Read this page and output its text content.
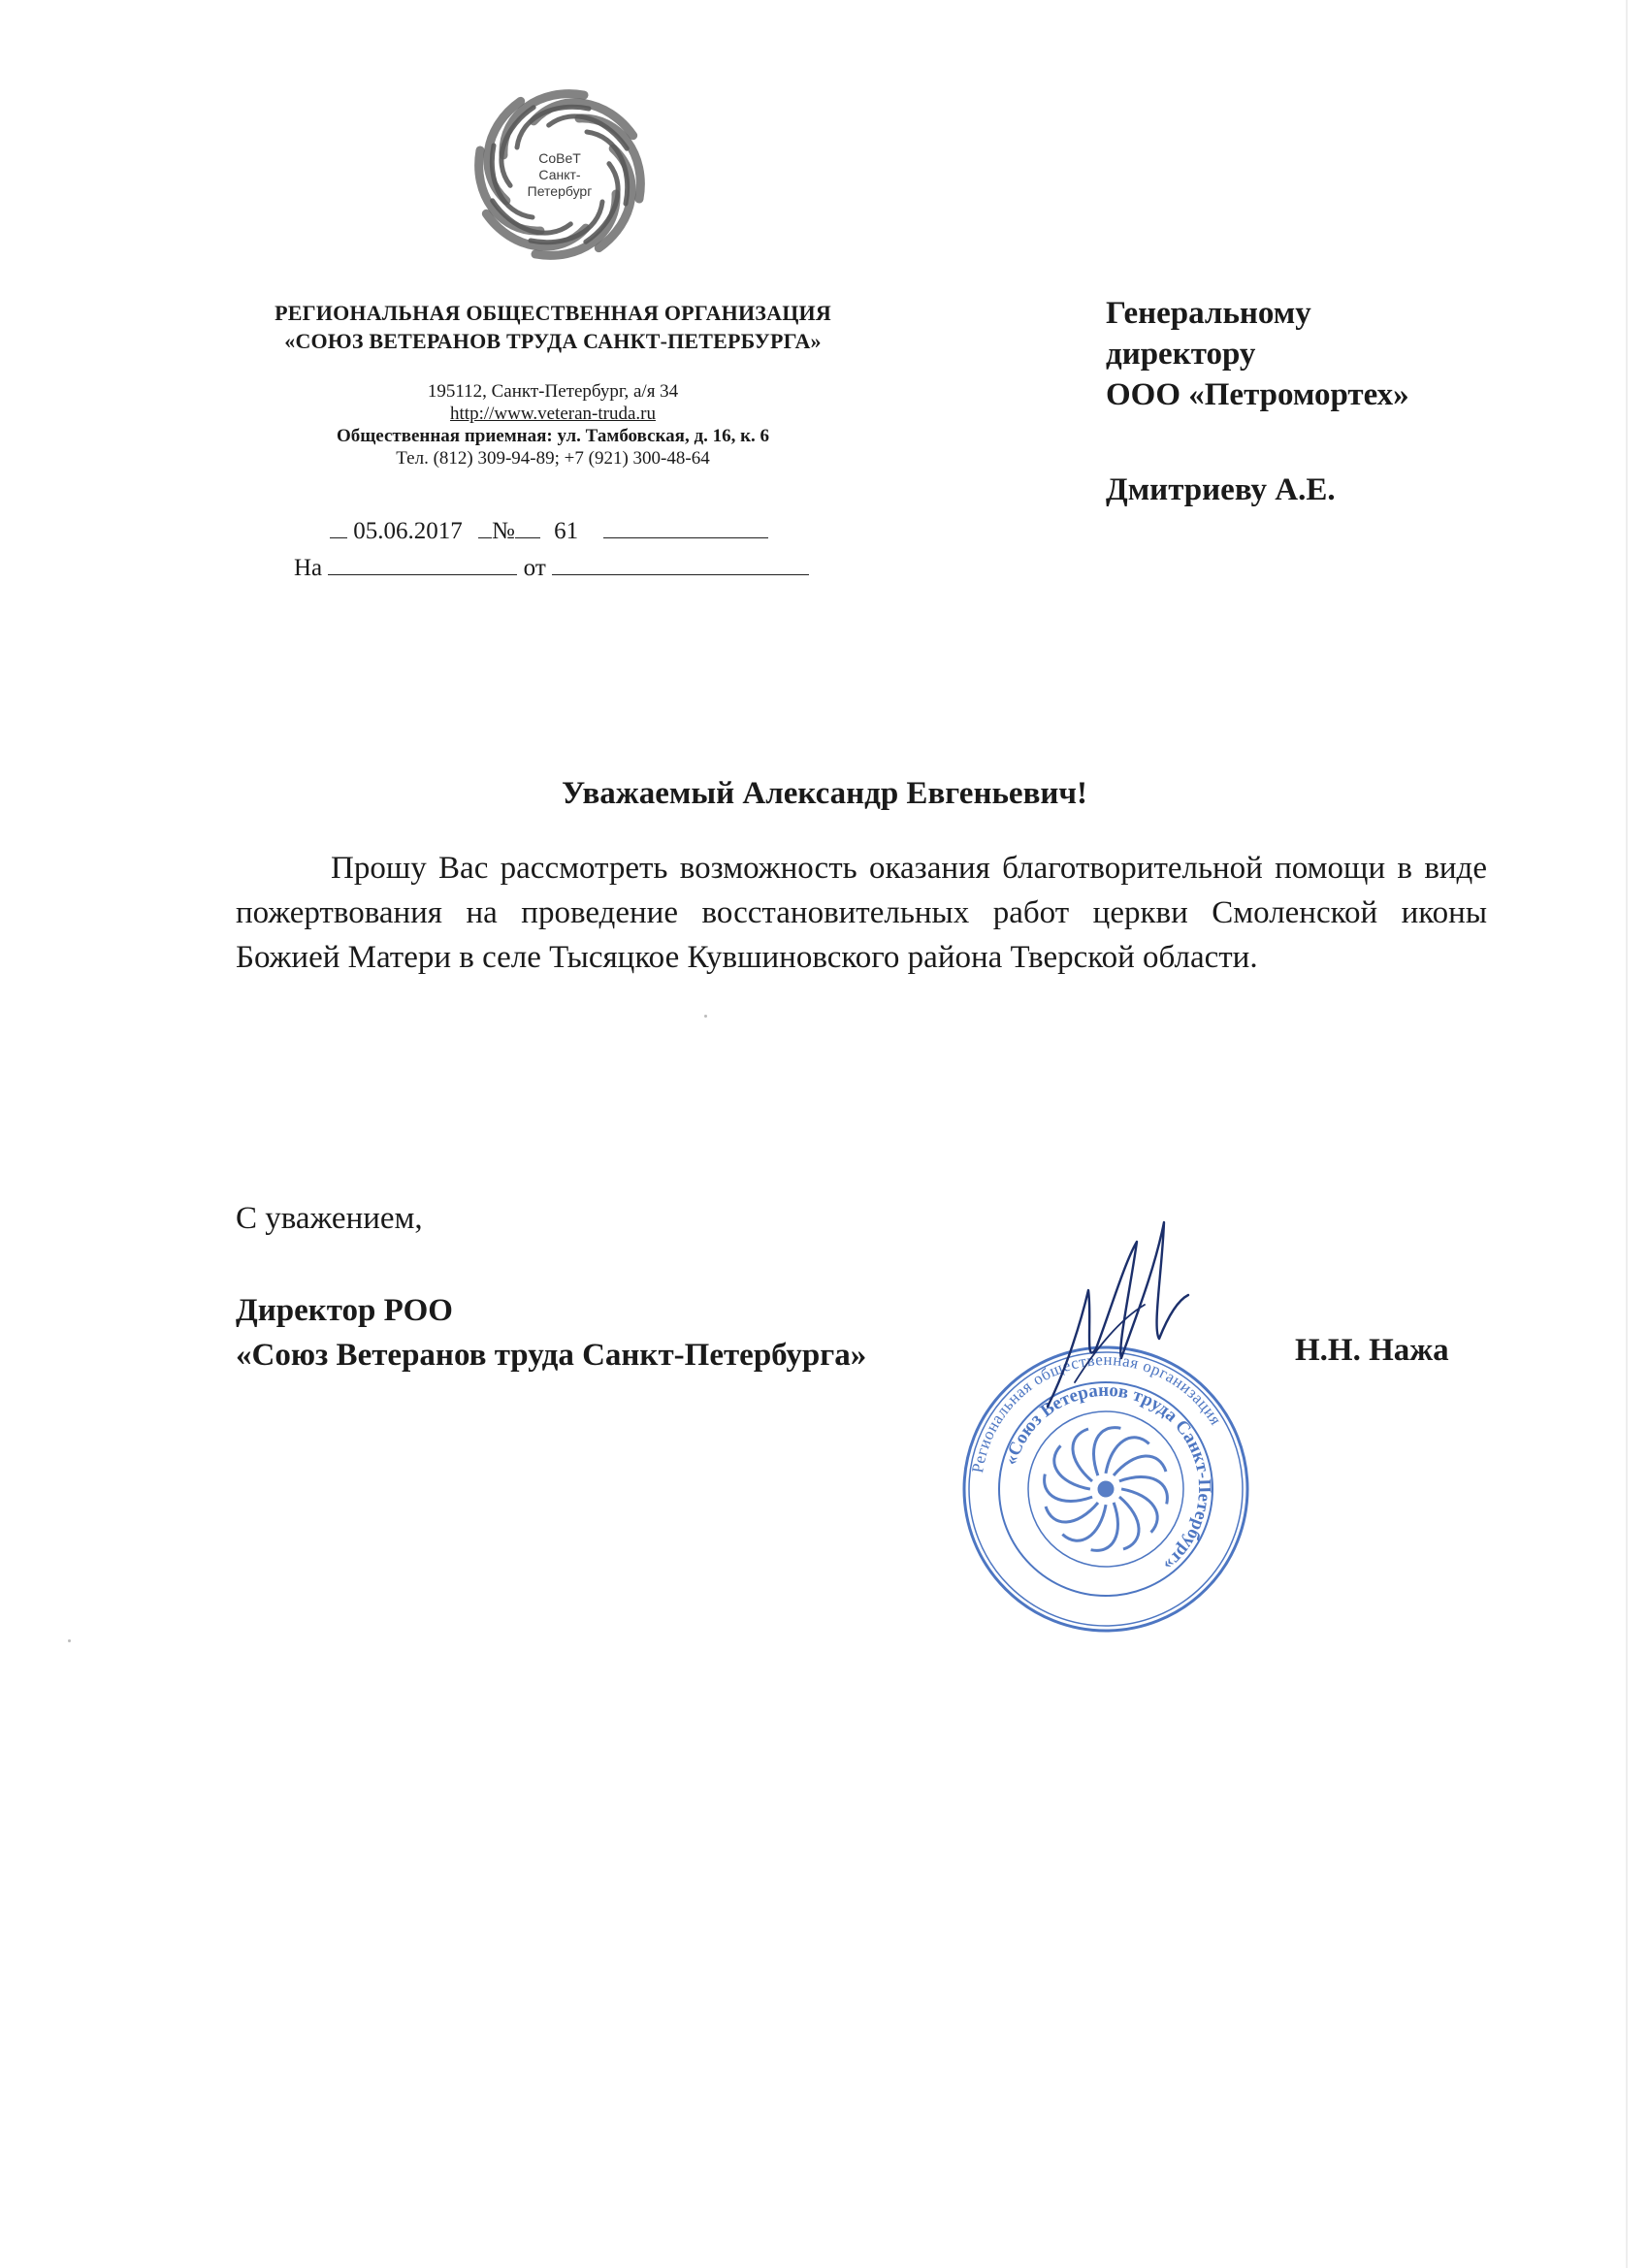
СоВеТ
Санкт-
Петербург
РЕГИОНАЛЬНАЯ ОБЩЕСТВЕННАЯ ОРГАНИЗАЦИЯ
«СОЮЗ ВЕТЕРАНОВ ТРУДА САНКТ-ПЕТЕРБУРГА»
195112, Санкт-Петербург, а/я 34
http://www.veteran-truda.ru
Общественная приемная: ул. Тамбовская, д. 16, к. 6
Тел. (812) 309-94-89; +7 (921) 300-48-64
05.06.2017 № 61
На	от
Генеральному
директору
ООО «Петромортех»
Дмитриеву А.Е.
Уважаемый Александр Евгеньевич!
Прошу Вас рассмотреть возможность оказания благотворительной помощи в виде пожертвования на проведение восстановительных работ церкви Смоленской иконы Божией Матери в селе Тысяцкое Кувшиновского района Тверской области.
С уважением,
Директор РОО
«Союз Ветеранов труда Санкт-Петербурга»	Н.Н. Нажа
Региональная общественная организация
«Союз Ветеранов труда Санкт-Петербург»
